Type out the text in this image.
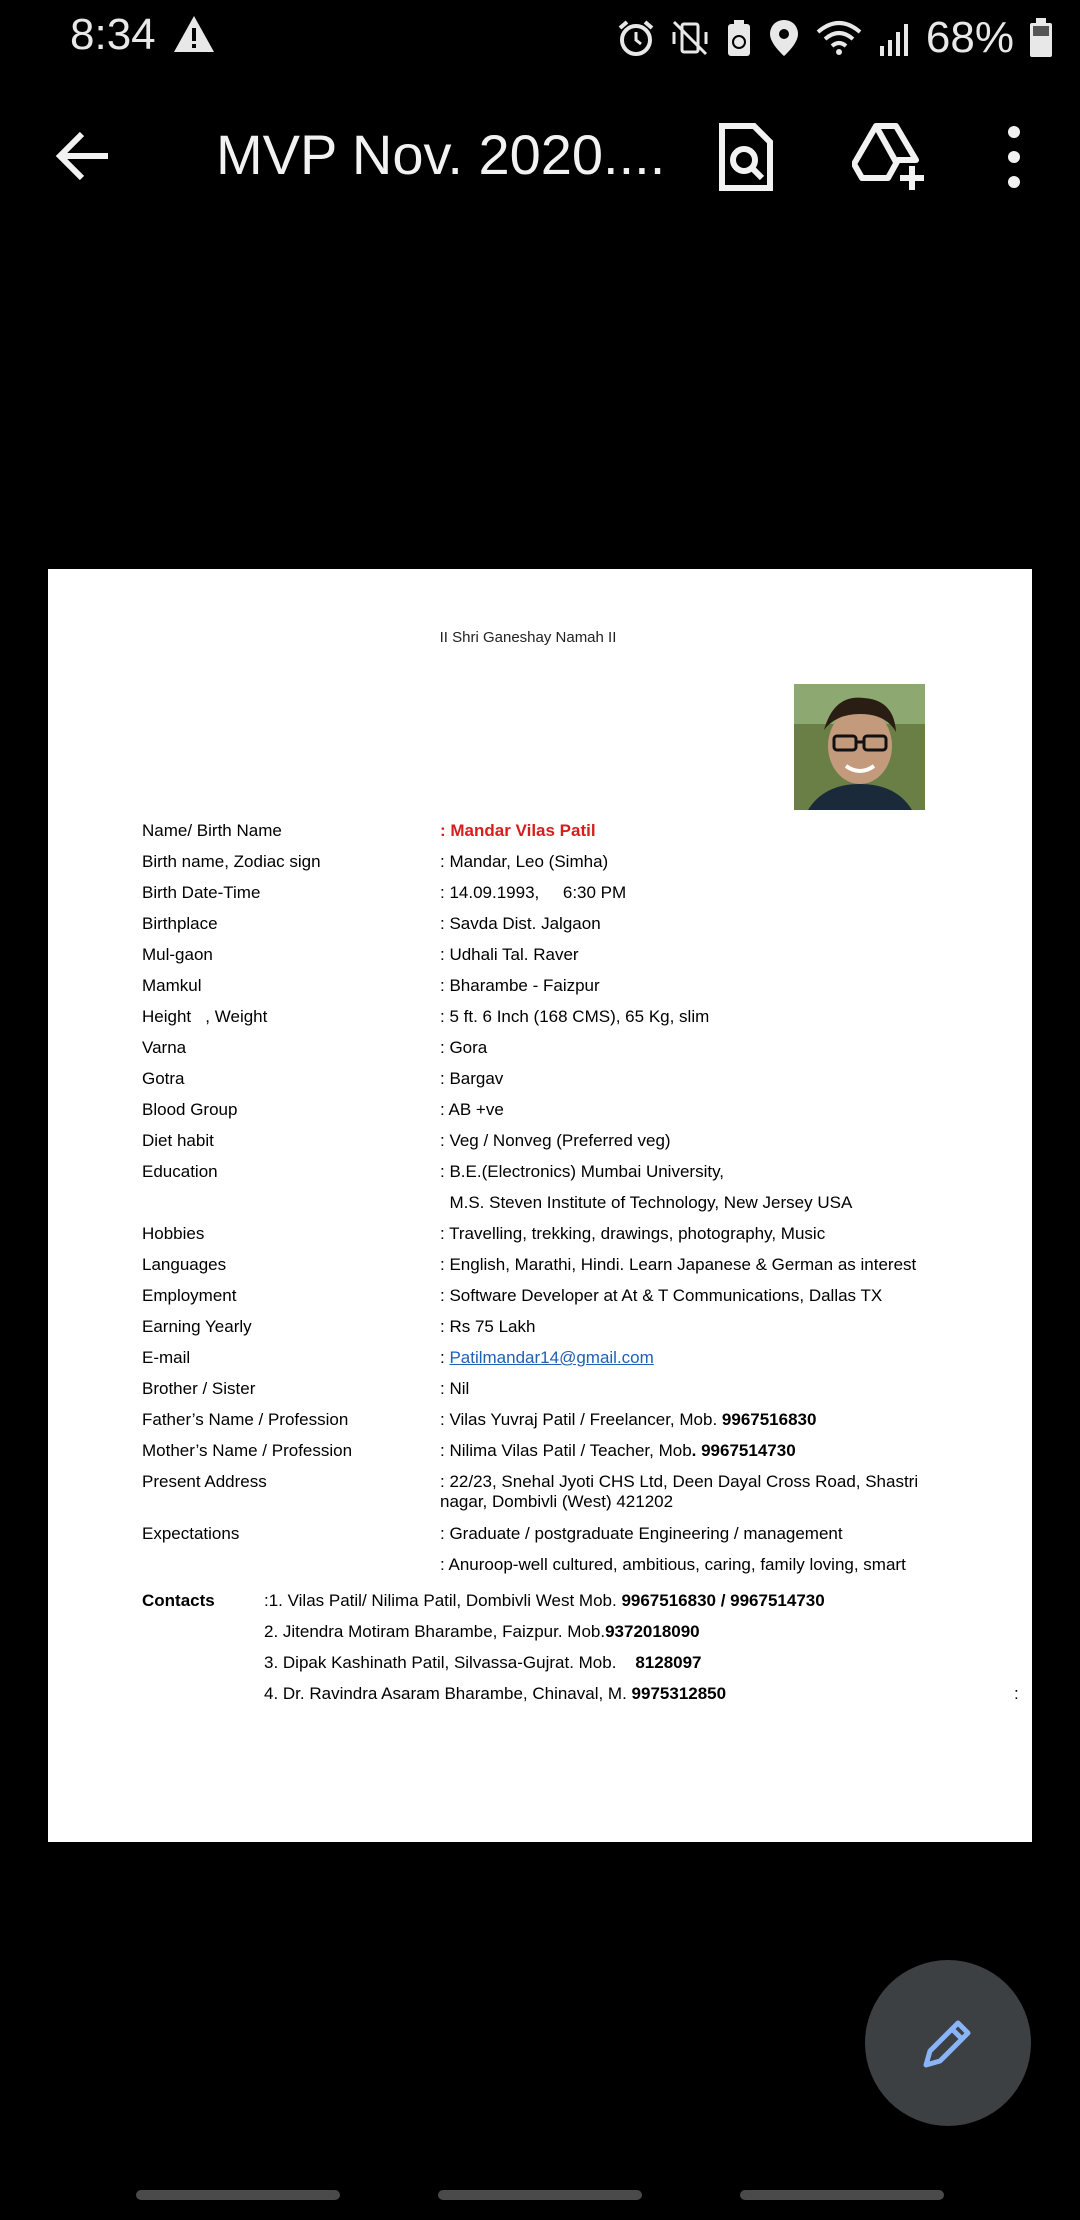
8:34	68%
MVP Nov. 2020....
II Shri Ganeshay Namah II
Name/ Birth Name	: Mandar Vilas Patil
Birth name, Zodiac sign	: Mandar, Leo (Simha)
Birth Date-Time	: 14.09.1993,     6:30 PM
Birthplace	: Savda Dist. Jalgaon
Mul-gaon	: Udhali Tal. Raver
Mamkul	: Bharambe - Faizpur
Height   , Weight	: 5 ft. 6 Inch (168 CMS), 65 Kg, slim
Varna	: Gora
Gotra	: Bargav
Blood Group	: AB +ve
Diet habit	: Veg / Nonveg (Preferred veg)
Education	: B.E.(Electronics) Mumbai University,
M.S. Steven Institute of Technology, New Jersey USA
Hobbies	: Travelling, trekking, drawings, photography, Music
Languages	: English, Marathi, Hindi. Learn Japanese & German as interest
Employment	: Software Developer at At & T Communications, Dallas TX
Earning Yearly	: Rs 75 Lakh
E-mail	: Patilmandar14@gmail.com
Brother / Sister	: Nil
Father’s Name / Profession	: Vilas Yuvraj Patil / Freelancer, Mob. 9967516830
Mother’s Name / Profession	: Nilima Vilas Patil / Teacher, Mob. 9967514730
Present Address	: 22/23, Snehal Jyoti CHS Ltd, Deen Dayal Cross Road, Shastri nagar, Dombivli (West) 421202
Expectations	: Graduate / postgraduate Engineering / management
: Anuroop-well cultured, ambitious, caring, family loving, smart
Contacts	:1. Vilas Patil/ Nilima Patil, Dombivli West Mob. 9967516830 / 9967514730
2. Jitendra Motiram Bharambe, Faizpur. Mob.9372018090
3. Dipak Kashinath Patil, Silvassa-Gujrat. Mob.    8128097
4. Dr. Ravindra Asaram Bharambe, Chinaval, M. 9975312850	:
